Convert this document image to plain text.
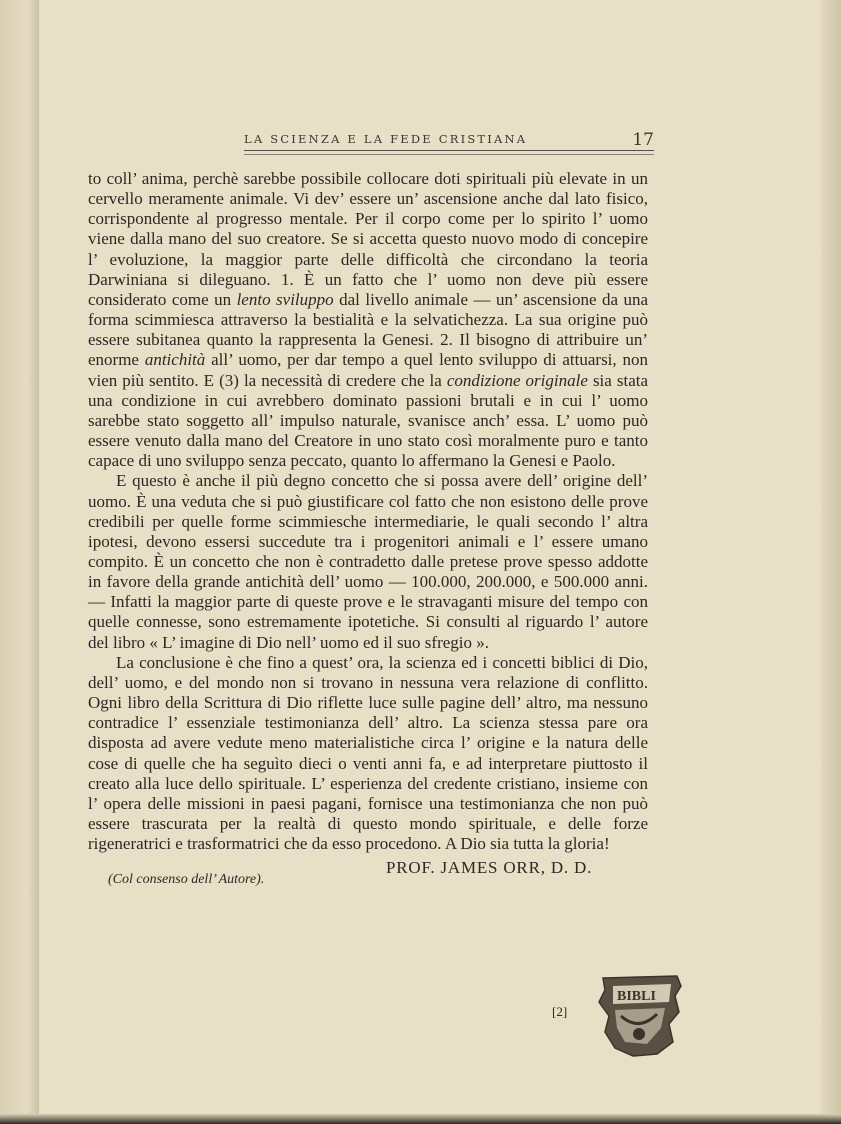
LA SCIENZA E LA FEDE CRISTIANA	17

to coll’ anima, perchè sarebbe possibile collocare doti spirituali più elevate in un cervello meramente animale. Vi dev’ essere un’ ascensione anche dal lato fisico, corrispondente al progresso mentale. Per il corpo come per lo spirito l’ uomo viene dalla mano del suo creatore. Se si accetta questo nuovo modo di concepire l’ evoluzione, la maggior parte delle difficoltà che circondano la teoria Darwiniana si dileguano. 1. È un fatto che l’ uomo non deve più essere considerato come un lento sviluppo dal livello animale — un’ ascensione da una forma scimmiesca attraverso la bestialità e la selvatichezza. La sua origine può essere subitanea quanto la rappresenta la Genesi. 2. Il bisogno di attribuire un’ enorme antichità all’ uomo, per dar tempo a quel lento sviluppo di attuarsi, non vien più sentito. E (3) la necessità di credere che la condizione originale sia stata una condizione in cui avrebbero dominato passioni brutali e in cui l’ uomo sarebbe stato soggetto all’ impulso naturale, svanisce anch’ essa. L’ uomo può essere venuto dalla mano del Creatore in uno stato così moralmente puro e tanto capace di uno sviluppo senza peccato, quanto lo affermano la Genesi e Paolo.

E questo è anche il più degno concetto che si possa avere dell’ origine dell’ uomo. È una veduta che si può giustificare col fatto che non esistono delle prove credibili per quelle forme scimmiesche intermediarie, le quali secondo l’ altra ipotesi, devono essersi succedute tra i progenitori animali e l’ essere umano compito. È un concetto che non è contradetto dalle pretese prove spesso addotte in favore della grande antichità dell’ uomo — 100.000, 200.000, e 500.000 anni. — Infatti la maggior parte di queste prove e le stravaganti misure del tempo con quelle connesse, sono estremamente ipotetiche. Si consulti al riguardo l’ autore del libro « L’ imagine di Dio nell’ uomo ed il suo sfregio ».

La conclusione è che fino a quest’ ora, la scienza ed i concetti biblici di Dio, dell’ uomo, e del mondo non si trovano in nessuna vera relazione di conflitto. Ogni libro della Scrittura di Dio riflette luce sulle pagine dell’ altro, ma nessuno contradice l’ essenziale testimonianza dell’ altro. La scienza stessa pare ora disposta ad avere vedute meno materialistiche circa l’ origine e la natura delle cose di quelle che ha seguìto dieci o venti anni fa, e ad interpretare piuttosto il creato alla luce dello spirituale. L’ esperienza del credente cristiano, insieme con l’ opera delle missioni in paesi pagani, fornisce una testimonianza che non può essere trascurata per la realtà di questo mondo spirituale, e delle forze rigeneratrici e trasformatrici che da esso procedono. A Dio sia tutta la gloria!

PROF. JAMES ORR, D. D.
(Col consenso dell’ Autore).
[2]
BIBLI
